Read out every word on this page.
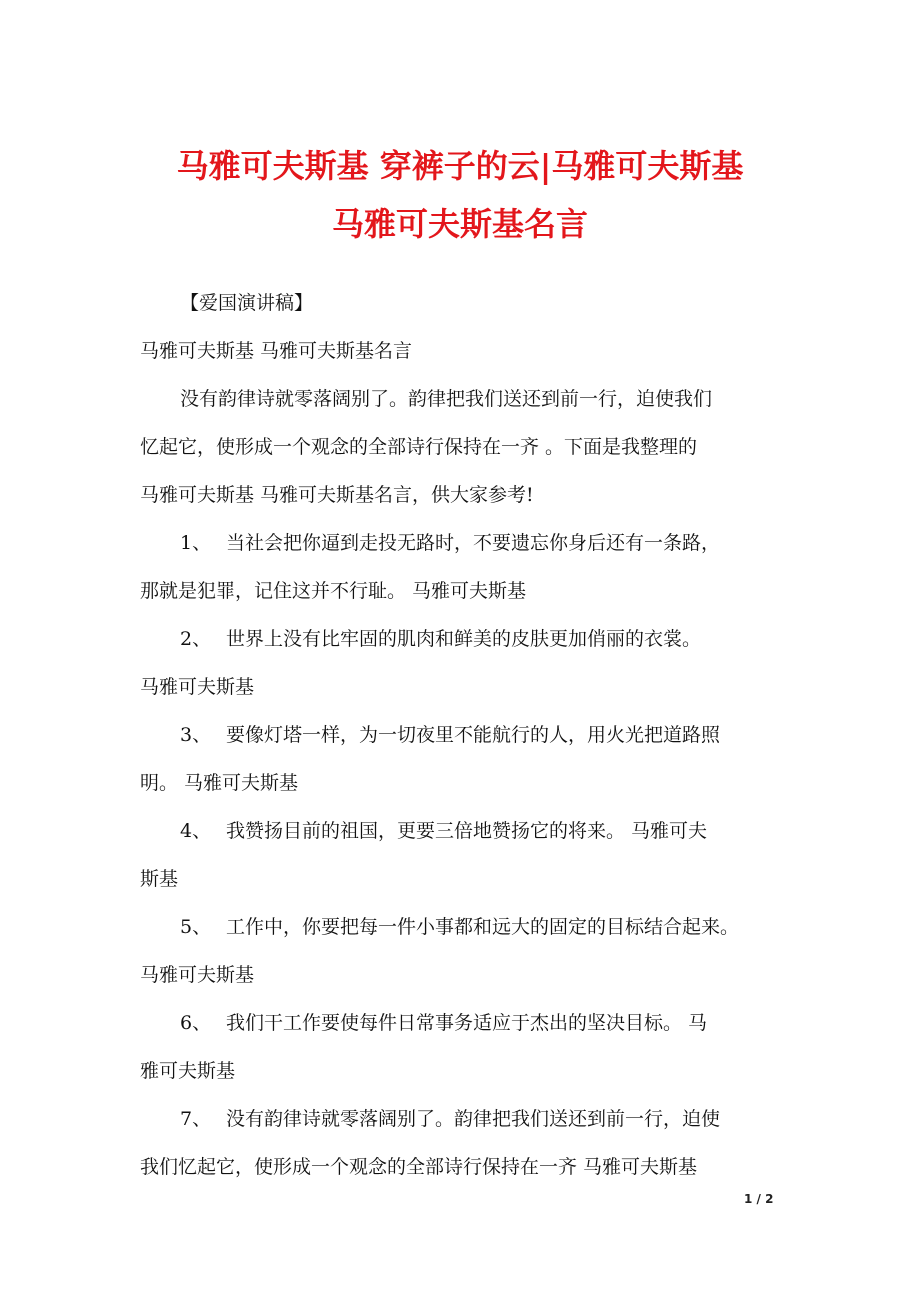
马雅可夫斯基 穿裤子的云|马雅可夫斯基
马雅可夫斯基名言
【爱国演讲稿】
马雅可夫斯基 马雅可夫斯基名言
没有韵律诗就零落阔别了。韵律把我们送还到前一行，迫使我们
忆起它，使形成一个观念的全部诗行保持在一齐 。下面是我整理的
马雅可夫斯基 马雅可夫斯基名言，供大家参考!
1、 当社会把你逼到走投无路时，不要遗忘你身后还有一条路，
那就是犯罪，记住这并不行耻。 马雅可夫斯基
2、 世界上没有比牢固的肌肉和鲜美的皮肤更加俏丽的衣裳。
马雅可夫斯基
3、 要像灯塔一样，为一切夜里不能航行的人，用火光把道路照
明。 马雅可夫斯基
4、 我赞扬目前的祖国，更要三倍地赞扬它的将来。 马雅可夫
斯基
5、 工作中，你要把每一件小事都和远大的固定的目标结合起来。
马雅可夫斯基
6、 我们干工作要使每件日常事务适应于杰出的坚决目标。 马
雅可夫斯基
7、 没有韵律诗就零落阔别了。韵律把我们送还到前一行，迫使
我们忆起它，使形成一个观念的全部诗行保持在一齐 马雅可夫斯基
1 / 2
